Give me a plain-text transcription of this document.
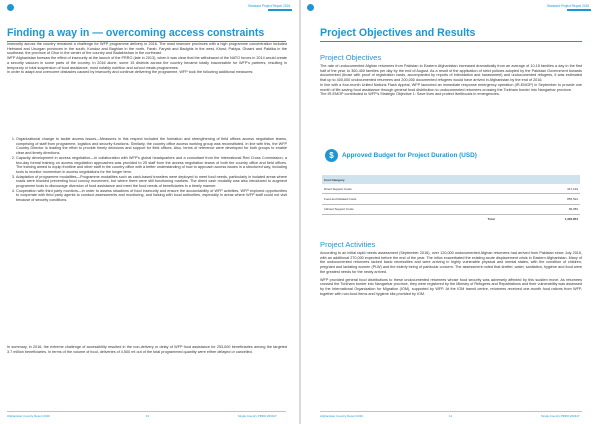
Standard Project Report 2016
Finding a way in — overcoming access constraints

Insecurity across the country remained a challenge for WFP programme delivery in 2016. The most insecure provinces with a high programme concentration included Helmand and Uruzgan provinces in the south, Kunduz and Baghlan in the north, Farah, Faryab and Badghis in the west, Khost, Paktya, Ghazni and Paktika in the southeast, the province of Ghor in the center of the country and Badakhshan in the northeast.

WFP Afghanistan foresaw the effect of insecurity at the launch of the PRRO (late in 2013), when it was clear that the withdrawal of the NATO forces in 2014 would create a security vacuum in some parts of the country. In 2016 alone, some 15 districts across the country became totally inaccessible for WFP's partners, resulting in temporary or total suspension of food assistance, most notably nutrition and school meals programmes.

In order to adapt and overcome obstacles caused by insecurity and continue delivering the programme, WFP took the following additional measures:

1. Organizational change to tackle access issues—Measures in this respect included the formation and strengthening of field offices access negotiation teams, comprising of staff from programme, logistics and security functions. Similarly, the country office access working group was reconstituted. In line with this, the WFP Country Director is leading the effort to provide timely decisions and support for field offices. Also, terms of reference were developed for both groups to enable clear and timely directions.
2. Capacity development in access negotiation—In collaboration with WFP's global headquarters and a consultant from the International Red Cross Commission, a two-day formal training on access negotiation approaches was provided to 25 staff from the access negotiation teams of both the country office and field offices. The training aimed to equip frontline and other staff in the country office with a better understanding of how to approach access issues in a structured way, including tools to monitor momentum in access negotiations for the longer term.
3. Adaptation of programme modalities—Programme modalities such as cash-based transfers were deployed to meet food needs, particularly in isolated areas where roads were blocked preventing food convoy movement, but where there were still functioning markets. The direct cash modality was also introduced to augment programme tools to discourage diversion of food assistance and meet the food needs of beneficiaries in a timely manner.
4. Cooperation with third party monitors—In order to assess situations of food insecurity and ensure the accountability of WFP activities, WFP explored opportunities to cooperate with third party agents to conduct assessments and monitoring, and liaising with local authorities, especially in areas where WFP staff could not visit because of security conditions.

In summary, in 2016, the extreme challenge of accessibility resulted in the non-delivery or delay of WFP food assistance for 253,000 beneficiaries among the targeted 3.7 million beneficiaries. In terms of the volume of food, deliveries of 4,500 mt out of the total programmed quantity were either delayed or cancelled.

Afghanistan Country Report 2016	10	Single Country PRRO 200447
Standard Project Report 2016
Project Objectives and Results
Project Objectives

The rate of undocumented Afghan returnees from Pakistan to Eastern Afghanistan increased dramatically from an average of 10-15 families a day in the first half of the year, to 300-400 families per day by the end of August. As a result of the application of strict policies adopted by the Pakistan Government towards documented (those with proof of registration cards, accompanied by reports of intimidation and harassment) and undocumented refugees, it was estimated that up to 400,000 undocumented returnees and 200,000 documented refugees would have arrived in Afghanistan by the end of 2016.

In line with a four-month United Nations Flash Appeal, WFP launched an immediate response emergency operation (IR-EMOP) in September to provide one month of life-saving food assistance through general food distribution to undocumented returnees crossing the Torkham border into Nangarhar province.

The IR-EMOP contributed to WFP's Strategic Objective 1: Save lives and protect livelihoods in emergencies.

$	Approved Budget for Project Duration (USD)
Cost Category	
Direct Support Costs	347,149
Food and Related Costs	855,522
Indirect Support Costs	89,989
Total	1,326,854
Project Activities

According to an initial rapid needs assessment (September 2016), over 120,000 undocumented Afghan returnees had arrived from Pakistan since July 2016, with an additional 270,000 expected before the end of the year. The influx exacerbated the existing acute displacement crisis in Eastern Afghanistan. Many of the undocumented returnees lacked basic necessities and were arriving in highly vulnerable physical and mental states, with the condition of children, pregnant and lactating women (PLW) and the elderly being of particular concern. The assessment noted that shelter, water, sanitation, hygiene and food were the greatest needs for the newly arrived.

WFP provided general food distributions to these undocumented returnees whose food security was adversely affected by this sudden move. As returnees crossed the Torkham border into Nangarhar province, they were registered by the Ministry of Refugees and Repatriations and their vulnerability was assessed by the International Organization for Migration (IOM), supported by WFP. At the IOM transit centre, returnees received one-month food rations from WFP, together with non-food items and hygiene kits provided by IOM.

Afghanistan Country Report 2016	11	Single Country PRRO 200447
